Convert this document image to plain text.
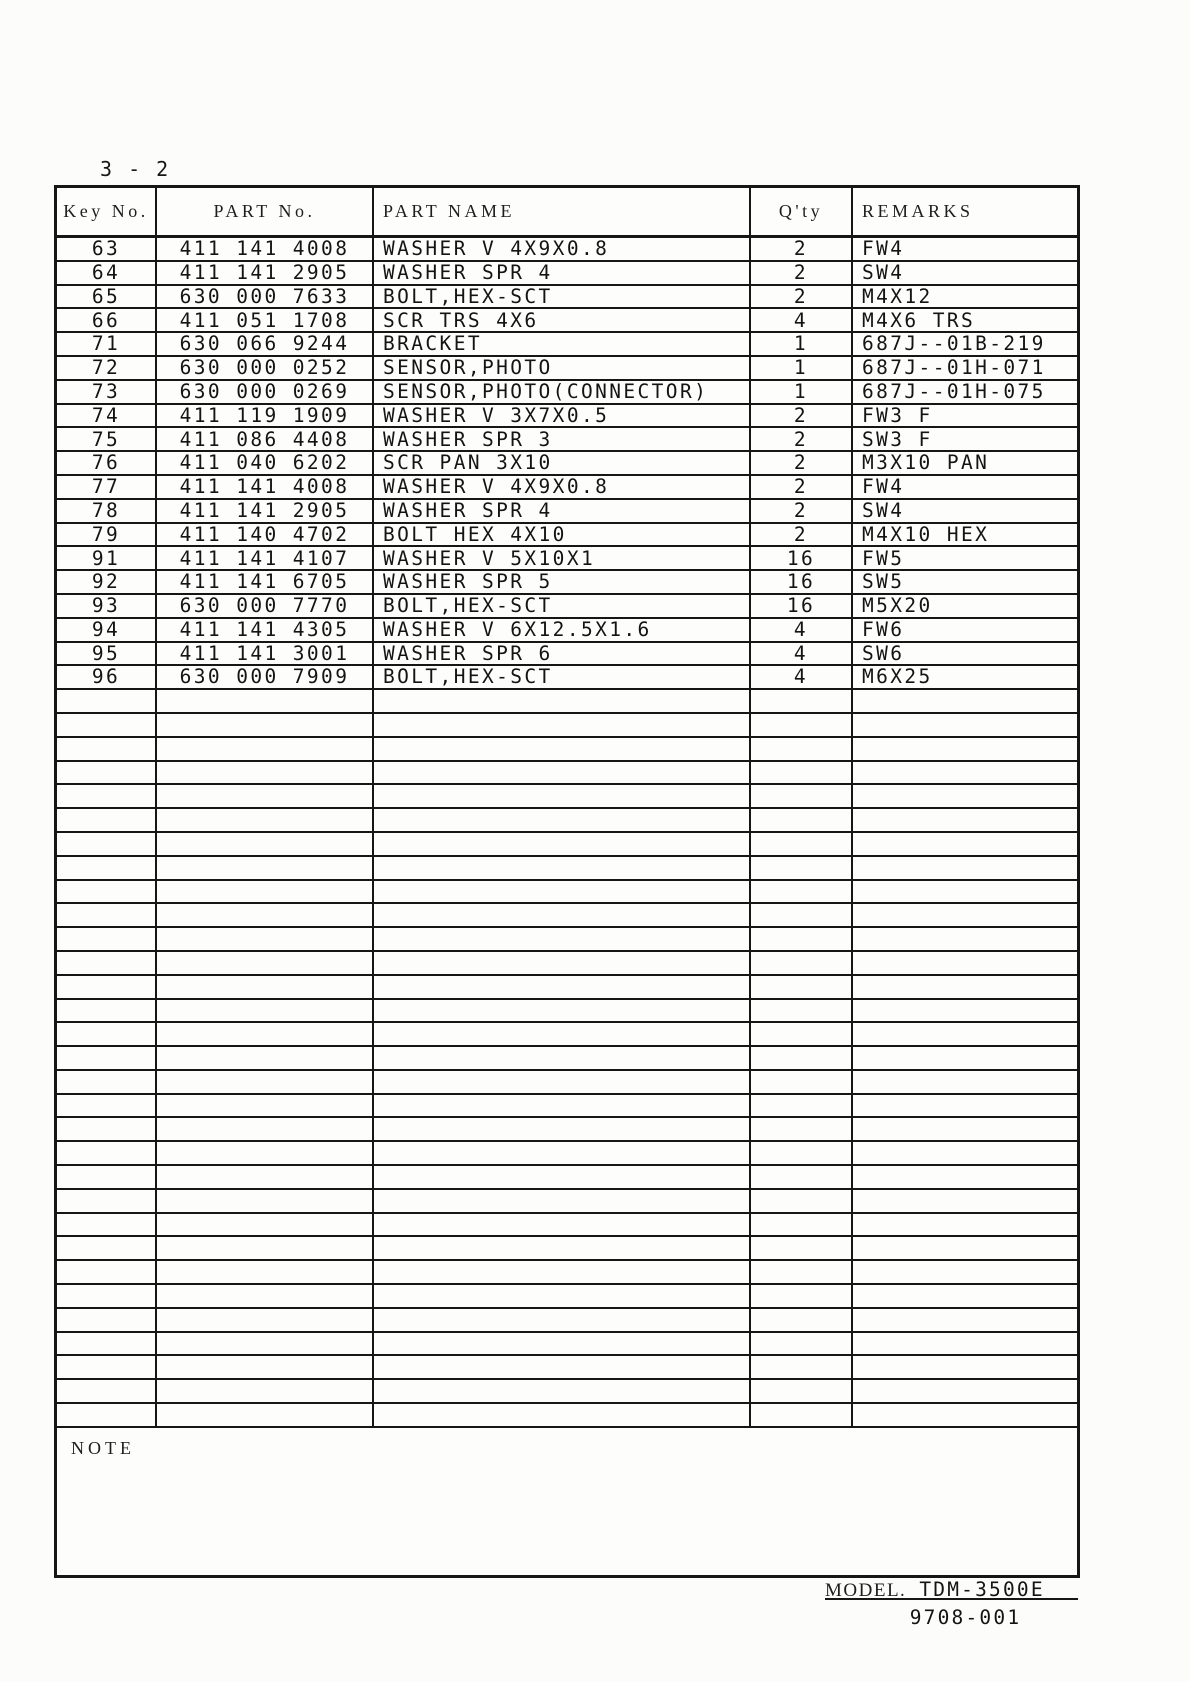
3 - 2
Key No.	PART No.	PART NAME	Q'ty	REMARKS
63	411 141 4008	WASHER V 4X9X0.8	2	FW4
64	411 141 2905	WASHER SPR 4	2	SW4
65	630 000 7633	BOLT,HEX-SCT	2	M4X12
66	411 051 1708	SCR TRS 4X6	4	M4X6 TRS
71	630 066 9244	BRACKET	1	687J--01B-219
72	630 000 0252	SENSOR,PHOTO	1	687J--01H-071
73	630 000 0269	SENSOR,PHOTO(CONNECTOR)	1	687J--01H-075
74	411 119 1909	WASHER V 3X7X0.5	2	FW3 F
75	411 086 4408	WASHER SPR 3	2	SW3 F
76	411 040 6202	SCR PAN 3X10	2	M3X10 PAN
77	411 141 4008	WASHER V 4X9X0.8	2	FW4
78	411 141 2905	WASHER SPR 4	2	SW4
79	411 140 4702	BOLT HEX 4X10	2	M4X10 HEX
91	411 141 4107	WASHER V 5X10X1	16	FW5
92	411 141 6705	WASHER SPR 5	16	SW5
93	630 000 7770	BOLT,HEX-SCT	16	M5X20
94	411 141 4305	WASHER V 6X12.5X1.6	4	FW6
95	411 141 3001	WASHER SPR 6	4	SW6
96	630 000 7909	BOLT,HEX-SCT	4	M6X25
NOTE
MODEL. TDM-3500E
9708-001
